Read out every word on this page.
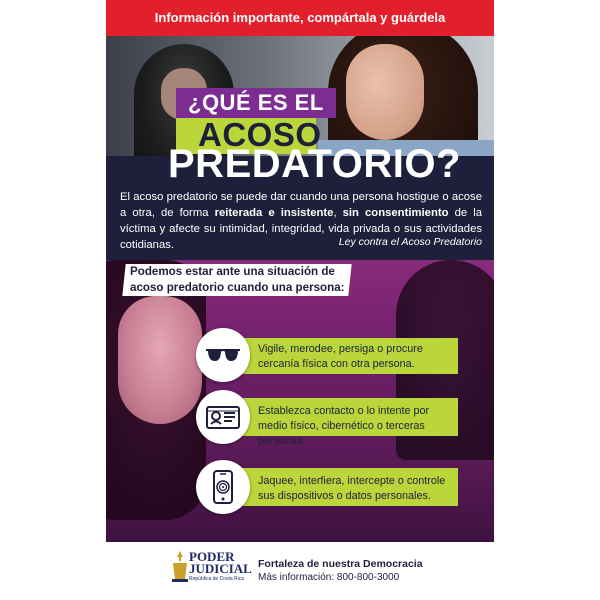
Información importante, compártala y guárdela
¿QUÉ ES EL
ACOSO
PREDATORIO?

El acoso predatorio se puede dar cuando una persona hostigue o acose a otra, de forma reiterada e insistente, sin consentimiento de la víctima y afecte su intimidad, integridad, vida privada o sus actividades cotidianas.	Ley contra el Acoso Predatorio
Podemos estar ante una situación de acoso predatorio cuando una persona:
Vigile, merodee, persiga o procure cercanía física con otra persona.
Establezca contacto o lo intente por medio físico, cibernético o terceras personas.
Jaquee, interfiera, intercepte o controle sus dispositivos o datos personales.
PODER
JUDICIAL
República de Costa Rica
Fortaleza de nuestra Democracia
Más información: 800-800-3000
